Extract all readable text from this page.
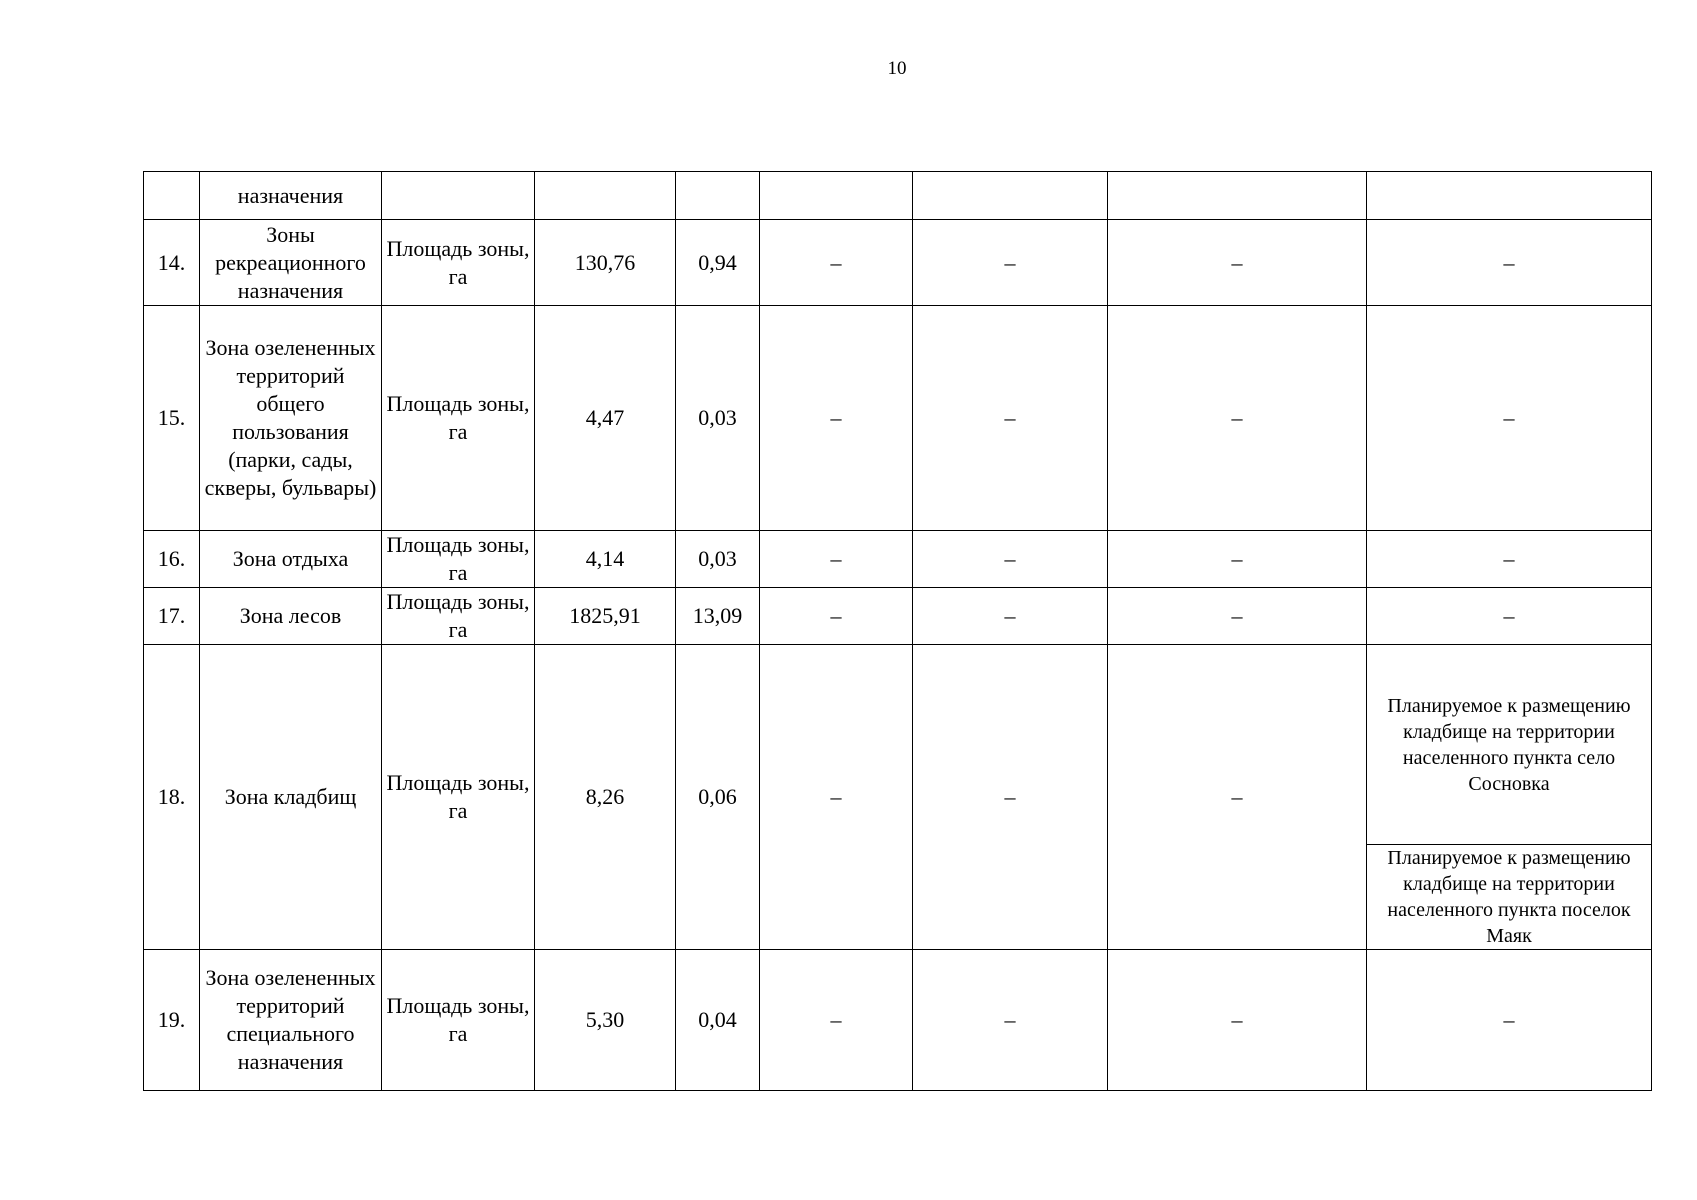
10
	назначения							
14.	Зоны рекреационного назначения	Площадь зоны, га	130,76	0,94	–	–	–	–
15.	Зона озелененных территорий общего пользования (парки, сады, скверы, бульвары)	Площадь зоны, га	4,47	0,03	–	–	–	–
16.	Зона отдыха	Площадь зоны, га	4,14	0,03	–	–	–	–
17.	Зона лесов	Площадь зоны, га	1825,91	13,09	–	–	–	–
18.	Зона кладбищ	Площадь зоны, га	8,26	0,06	–	–	–	Планируемое к размещению кладбище на территории населенного пункта село Сосновка
								Планируемое к размещению кладбище на территории населенного пункта поселок Маяк
19.	Зона озелененных территорий специального назначения	Площадь зоны, га	5,30	0,04	–	–	–	–
